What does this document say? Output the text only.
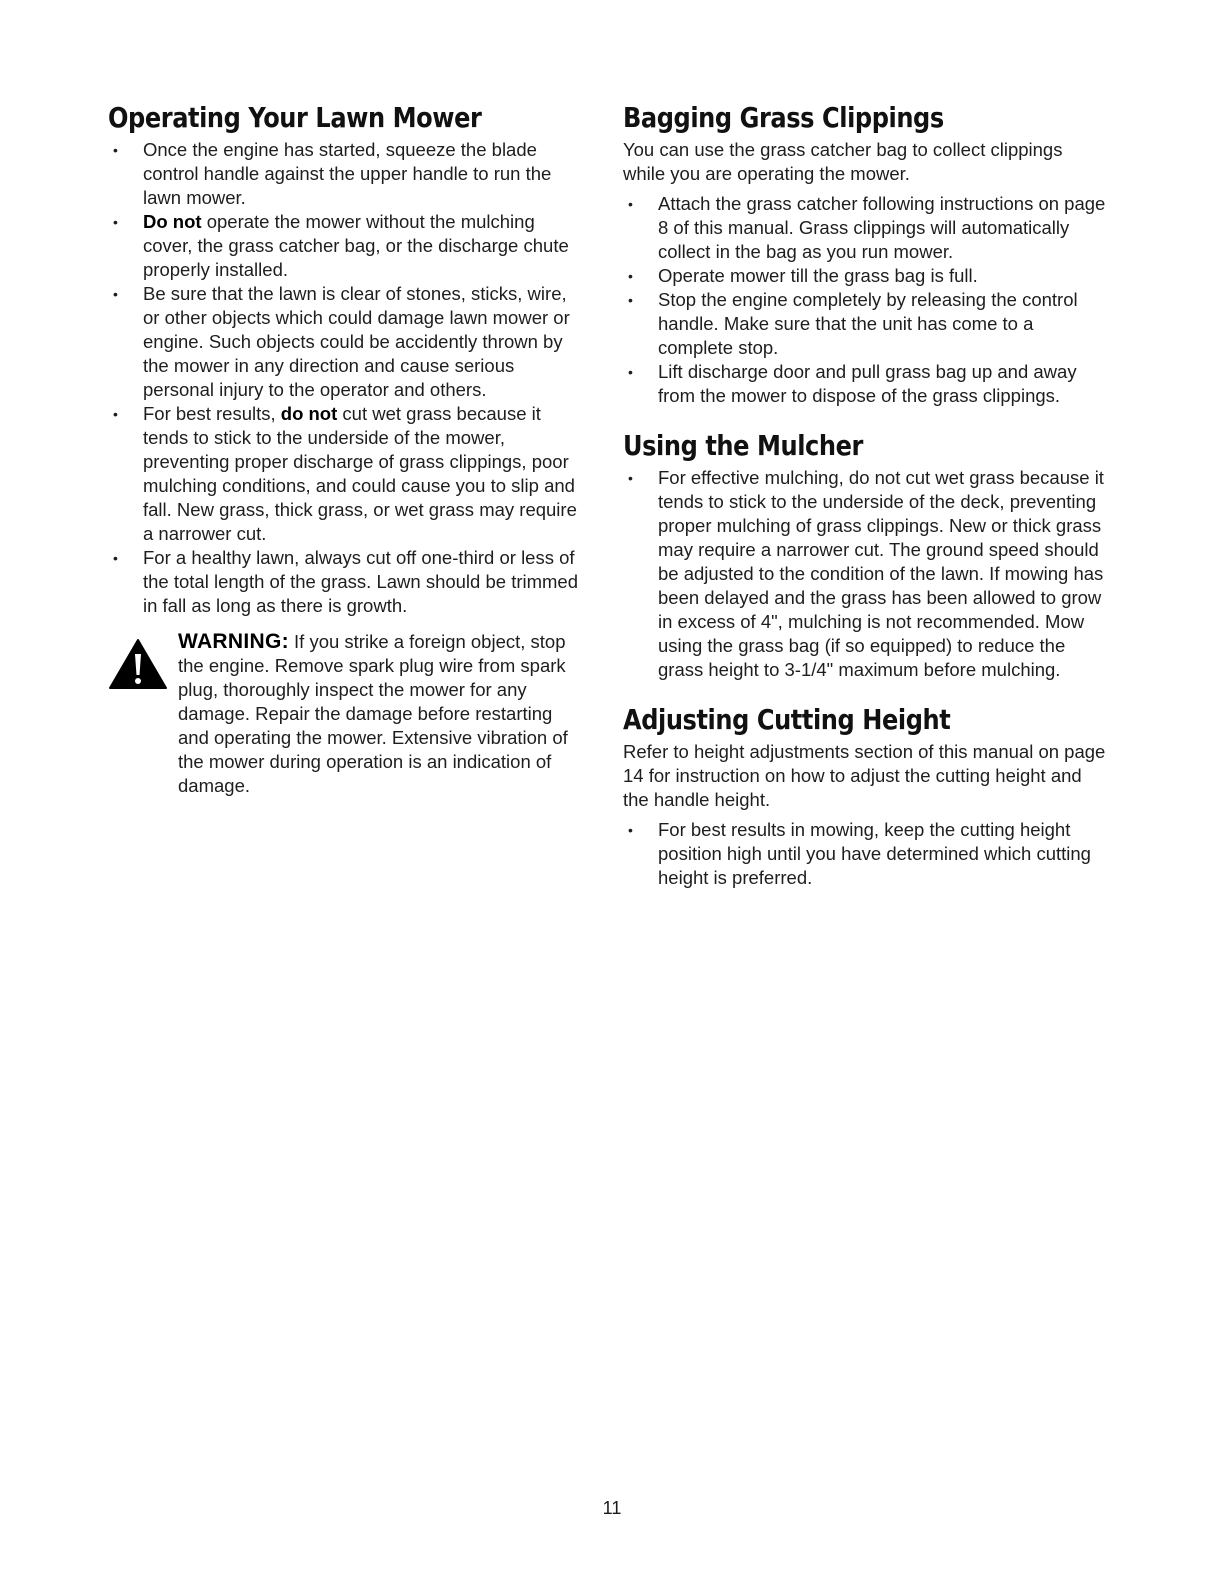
Operating Your Lawn Mower
• Once the engine has started, squeeze the blade control handle against the upper handle to run the lawn mower.
• Do not operate the mower without the mulching cover, the grass catcher bag, or the discharge chute properly installed.
• Be sure that the lawn is clear of stones, sticks, wire, or other objects which could damage lawn mower or engine. Such objects could be accidently thrown by the mower in any direction and cause serious personal injury to the operator and others.
• For best results, do not cut wet grass because it tends to stick to the underside of the mower, preventing proper discharge of grass clippings, poor mulching conditions, and could cause you to slip and fall. New grass, thick grass, or wet grass may require a narrower cut.
• For a healthy lawn, always cut off one-third or less of the total length of the grass. Lawn should be trimmed in fall as long as there is growth.

WARNING: If you strike a foreign object, stop the engine. Remove spark plug wire from spark plug, thoroughly inspect the mower for any damage. Repair the damage before restarting and operating the mower. Extensive vibration of the mower during operation is an indication of damage.

Bagging Grass Clippings

You can use the grass catcher bag to collect clippings while you are operating the mower.

• Attach the grass catcher following instructions on page 8 of this manual. Grass clippings will automatically collect in the bag as you run mower.
• Operate mower till the grass bag is full.
• Stop the engine completely by releasing the control handle. Make sure that the unit has come to a complete stop.
• Lift discharge door and pull grass bag up and away from the mower to dispose of the grass clippings.
Using the Mulcher
• For effective mulching, do not cut wet grass because it tends to stick to the underside of the deck, preventing proper mulching of grass clippings. New or thick grass may require a narrower cut. The ground speed should be adjusted to the condition of the lawn. If mowing has been delayed and the grass has been allowed to grow in excess of 4", mulching is not recommended. Mow using the grass bag (if so equipped) to reduce the grass height to 3-1/4" maximum before mulching.
Adjusting Cutting Height

Refer to height adjustments section of this manual on page 14 for instruction on how to adjust the cutting height and the handle height.

• For best results in mowing, keep the cutting height position high until you have determined which cutting height is preferred.
11
